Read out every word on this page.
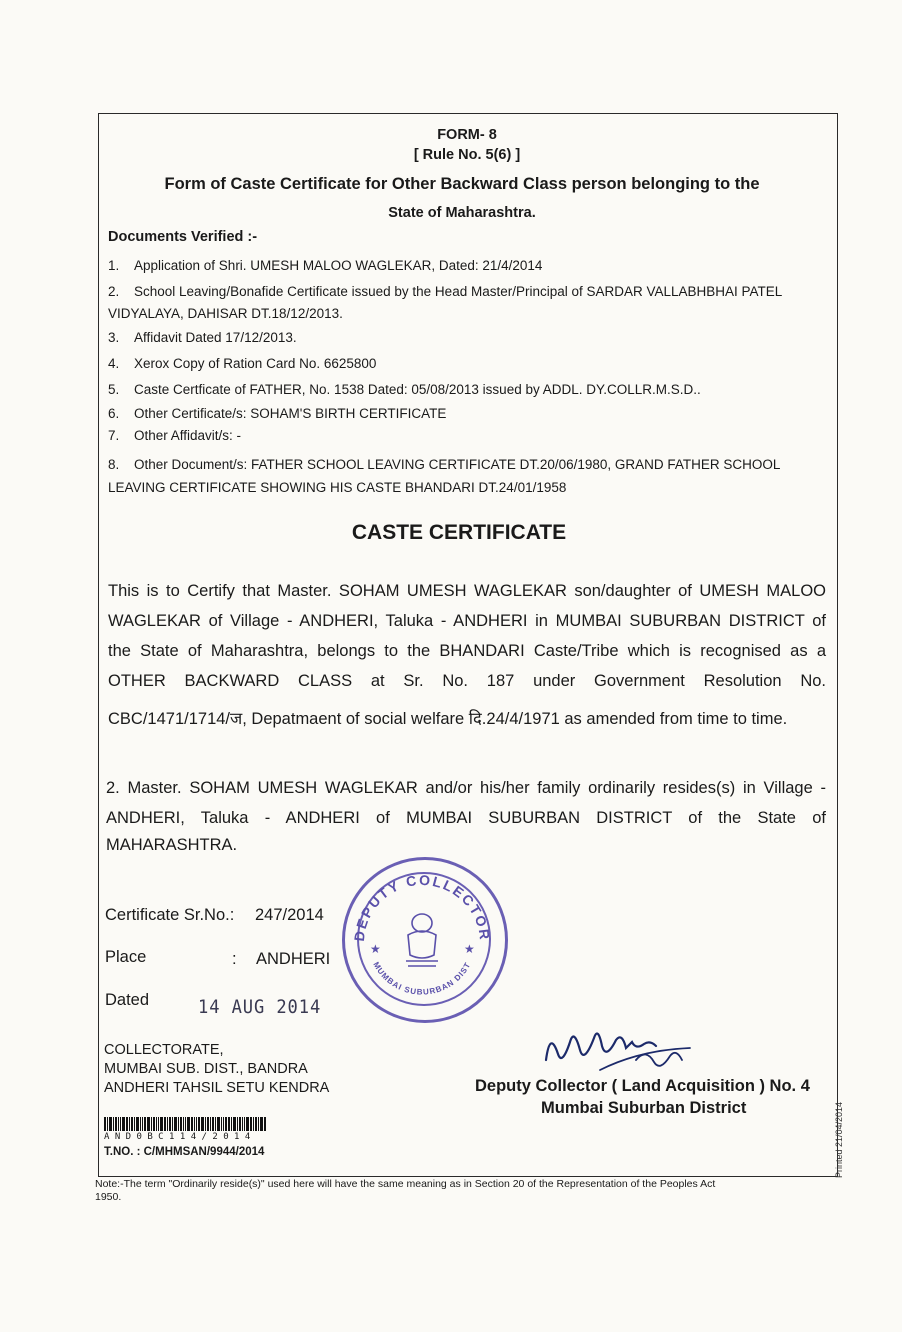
FORM- 8
[ Rule No. 5(6) ]
Form of Caste Certificate for Other Backward Class person belonging to the
State of Maharashtra.
Documents Verified :-
1. Application of Shri. UMESH MALOO WAGLEKAR, Dated: 21/4/2014
2. School Leaving/Bonafide Certificate issued by the Head Master/Principal of SARDAR VALLABHBHAI PATEL
VIDYALAYA, DAHISAR DT.18/12/2013.
3. Affidavit Dated 17/12/2013.
4. Xerox Copy of Ration Card No. 6625800
5. Caste Certficate of FATHER, No. 1538 Dated: 05/08/2013 issued by ADDL. DY.COLLR.M.S.D..
6. Other Certificate/s: SOHAM'S BIRTH CERTIFICATE
7. Other Affidavit/s: -
8. Other Document/s: FATHER SCHOOL LEAVING CERTIFICATE DT.20/06/1980, GRAND FATHER SCHOOL
LEAVING CERTIFICATE SHOWING HIS CASTE BHANDARI DT.24/01/1958
CASTE CERTIFICATE
This is to Certify that Master. SOHAM UMESH WAGLEKAR son/daughter of UMESH MALOO
WAGLEKAR of Village - ANDHERI, Taluka - ANDHERI in MUMBAI SUBURBAN DISTRICT of
the State of Maharashtra, belongs to the BHANDARI Caste/Tribe which is recognised as a
OTHER BACKWARD CLASS at Sr. No. 187 under Government Resolution No.
CBC/1471/1714/ज, Depatmaent of social welfare दि.24/4/1971 as amended from time to time.
2. Master. SOHAM UMESH WAGLEKAR and/or his/her family ordinarily resides(s) in Village -
ANDHERI, Taluka - ANDHERI of MUMBAI SUBURBAN DISTRICT of the State of
MAHARASHTRA.
Certificate Sr.No.: 247/2014
Place	: ANDHERI
Dated	14 AUG 2014
COLLECTORATE,
MUMBAI SUB. DIST., BANDRA
ANDHERI TAHSIL SETU KENDRA
DEPUTY COLLECTOR
MUMBAI SUBURBAN DIST
★	★
Deputy Collector ( Land Acquisition ) No. 4
Mumbai Suburban District
A N D 0 B C 1 1 4 / 2 0 1 4
T.NO. : C/MHMSAN/9944/2014	Printed 21/04/2014
Note:-The term "Ordinarily reside(s)" used here will have the same meaning as in Section 20 of the Representation of the Peoples Act
1950.
